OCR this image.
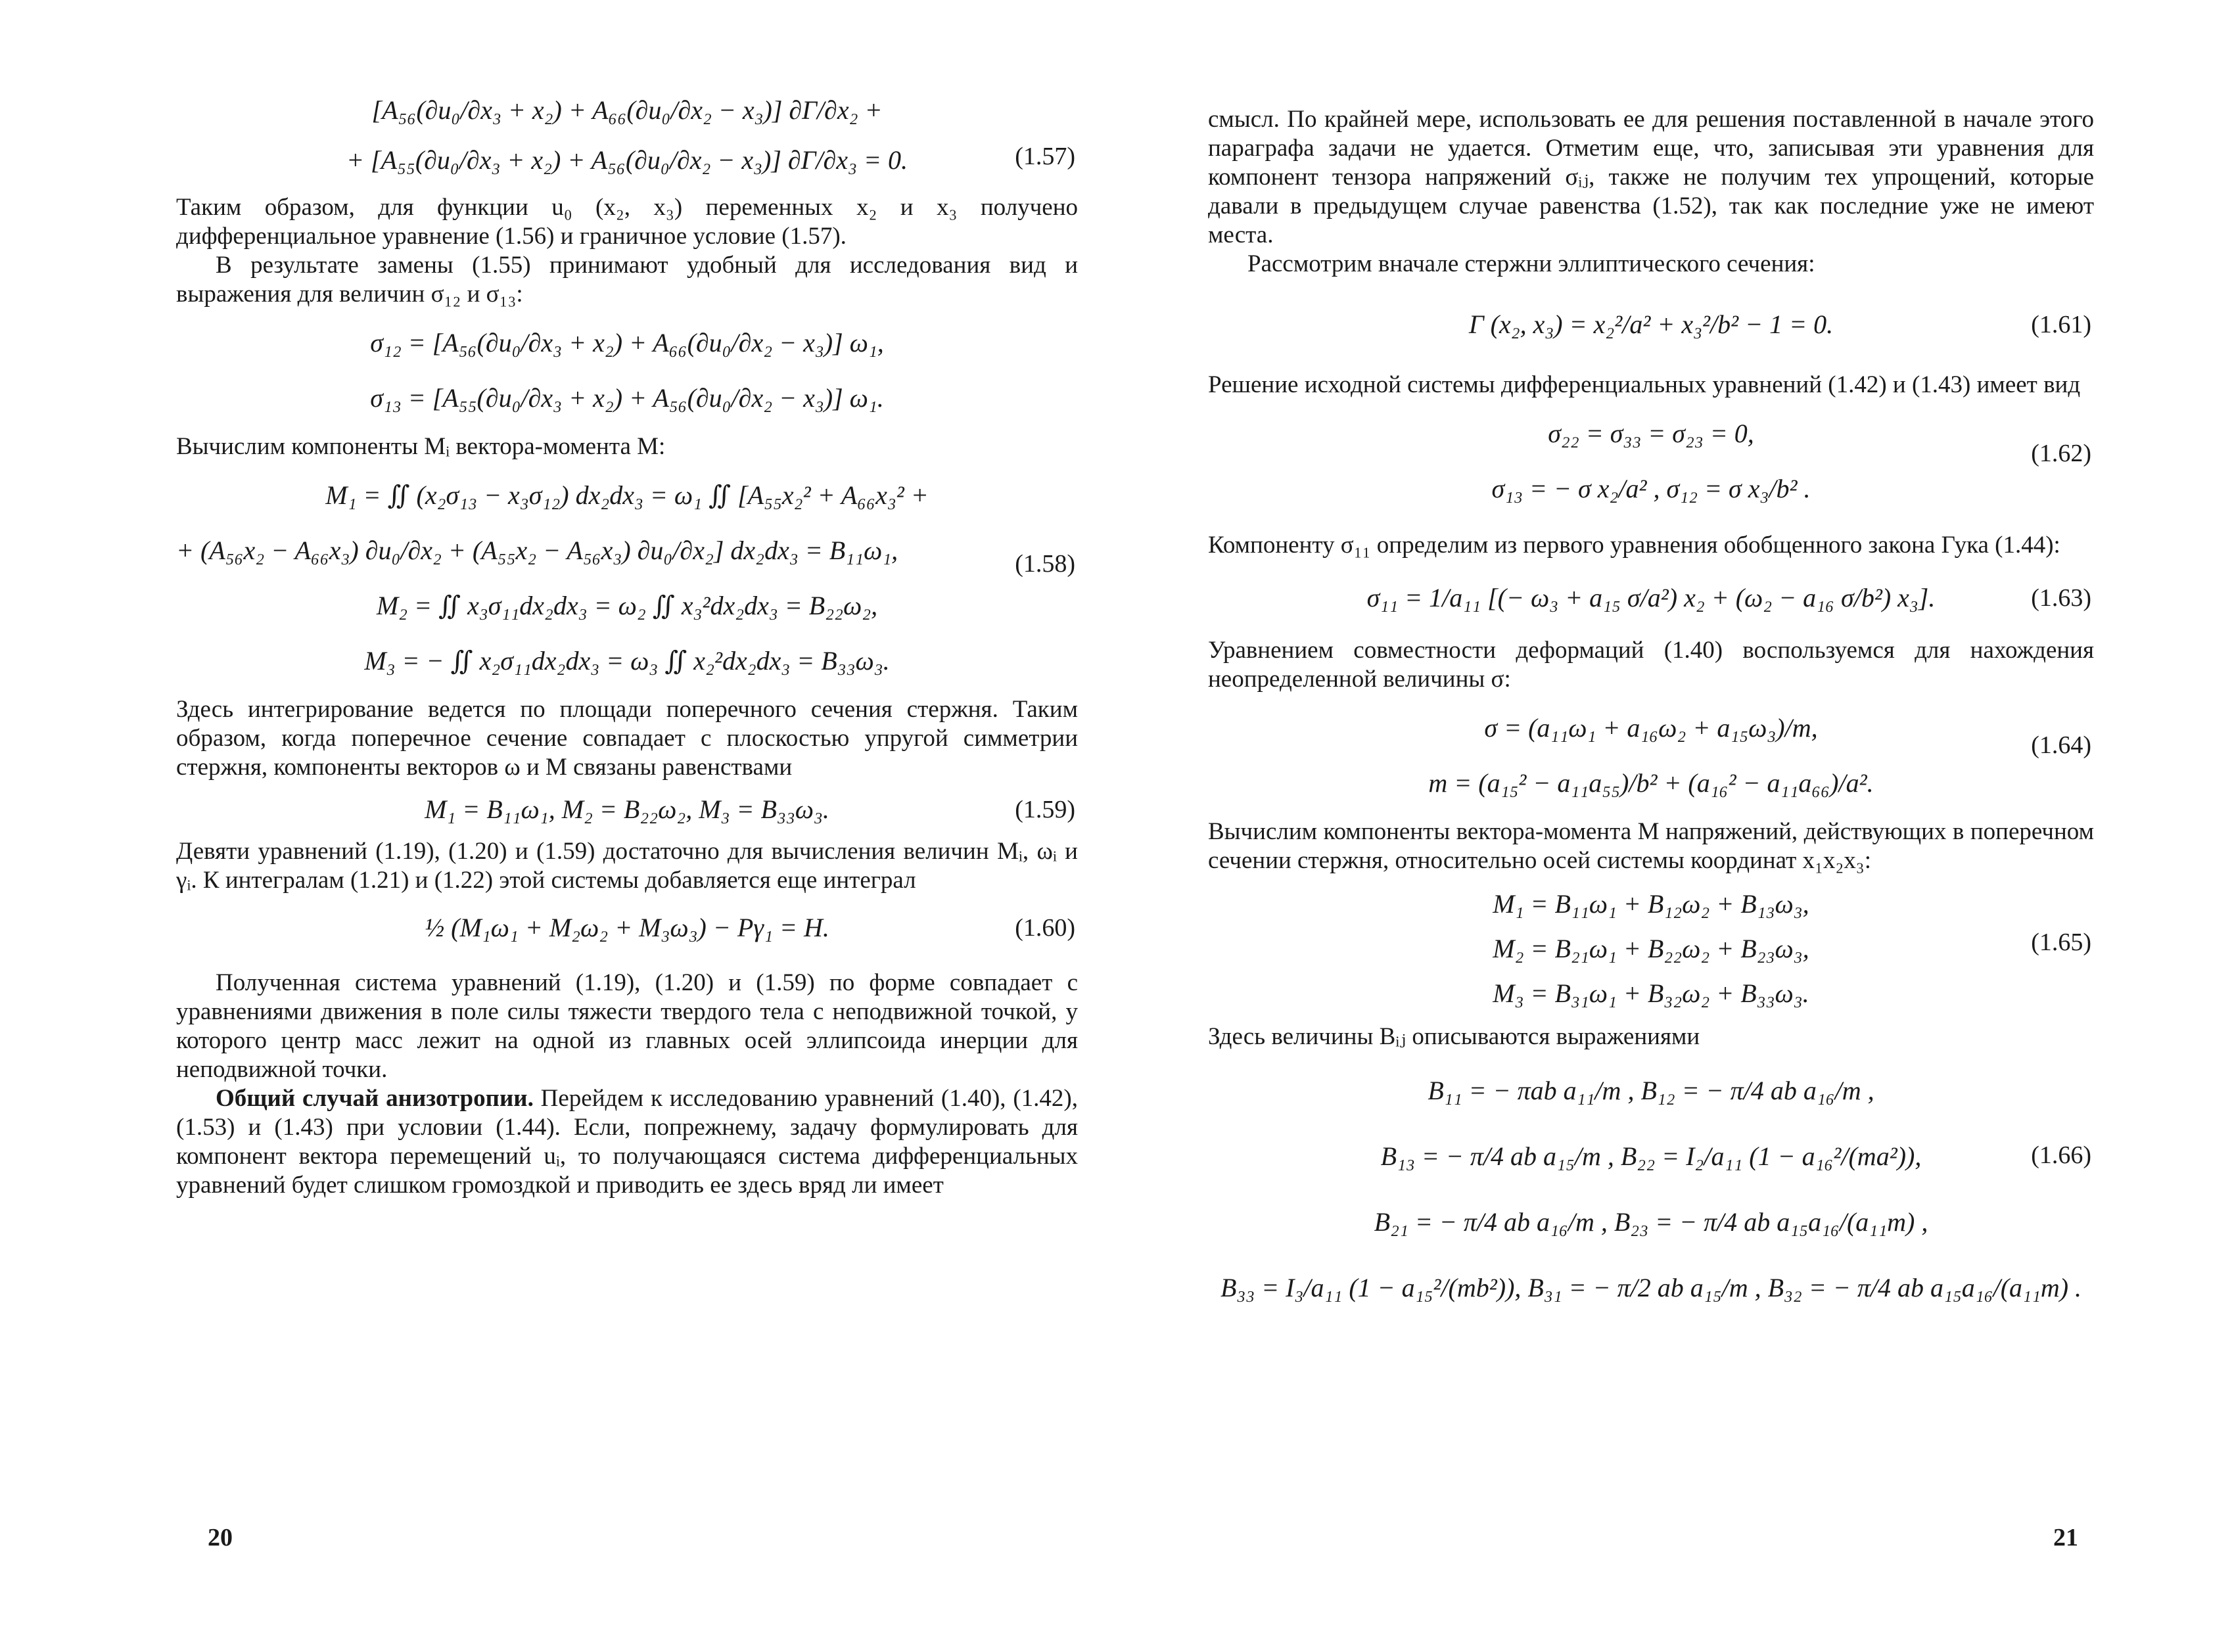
[A₅₆(∂u₀/∂x₃ + x₂) + A₆₆(∂u₀/∂x₂ − x₃)] ∂Γ/∂x₂ +
+ [A₅₅(∂u₀/∂x₃ + x₂) + A₅₆(∂u₀/∂x₂ − x₃)] ∂Γ/∂x₃ = 0.	(1.57)

Таким образом, для функции u₀ (x₂, x₃) переменных x₂ и x₃ получено дифференциальное уравнение (1.56) и граничное условие (1.57).

В результате замены (1.55) принимают удобный для исследования вид и выражения для величин σ₁₂ и σ₁₃:

σ₁₂ = [A₅₆(∂u₀/∂x₃ + x₂) + A₆₆(∂u₀/∂x₂ − x₃)] ω₁,
σ₁₃ = [A₅₅(∂u₀/∂x₃ + x₂) + A₅₆(∂u₀/∂x₂ − x₃)] ω₁.

Вычислим компоненты Mᵢ вектора-момента M:

M₁ = ∬ (x₂σ₁₃ − x₃σ₁₂) dx₂dx₃ = ω₁ ∬ [A₅₅x₂² + A₆₆x₃² +
+ (A₅₆x₂ − A₆₆x₃) ∂u₀/∂x₂ + (A₅₅x₂ − A₅₆x₃) ∂u₀/∂x₂] dx₂dx₃ = B₁₁ω₁,
M₂ = ∬ x₃σ₁₁dx₂dx₃ = ω₂ ∬ x₃²dx₂dx₃ = B₂₂ω₂,
M₃ = − ∬ x₂σ₁₁dx₂dx₃ = ω₃ ∬ x₂²dx₂dx₃ = B₃₃ω₃.
(1.58)

Здесь интегрирование ведется по площади поперечного сечения стержня. Таким образом, когда поперечное сечение совпадает с плоскостью упругой симметрии стержня, компоненты векторов ω и M связаны равенствами

M₁ = B₁₁ω₁, M₂ = B₂₂ω₂, M₃ = B₃₃ω₃.	(1.59)

Девяти уравнений (1.19), (1.20) и (1.59) достаточно для вычисления величин Mᵢ, ωᵢ и γᵢ. К интегралам (1.21) и (1.22) этой системы добавляется еще интеграл

½ (M₁ω₁ + M₂ω₂ + M₃ω₃) − Pγ₁ = H.	(1.60)

Полученная система уравнений (1.19), (1.20) и (1.59) по форме совпадает с уравнениями движения в поле силы тяжести твердого тела с неподвижной точкой, у которого центр масс лежит на одной из главных осей эллипсоида инерции для неподвижной точки.

Общий случай анизотропии. Перейдем к исследованию уравнений (1.40), (1.42), (1.53) и (1.43) при условии (1.44). Если, попрежнему, задачу формулировать для компонент вектора перемещений uᵢ, то получающаяся система дифференциальных уравнений будет слишком громоздкой и приводить ее здесь вряд ли имеет

20

смысл. По крайней мере, использовать ее для решения поставленной в начале этого параграфа задачи не удается. Отметим еще, что, записывая эти уравнения для компонент тензора напряжений σᵢⱼ, также не получим тех упрощений, которые давали в предыдущем случае равенства (1.52), так как последние уже не имеют места.

Рассмотрим вначале стержни эллиптического сечения:

Γ (x₂, x₃) = x₂²/a² + x₃²/b² − 1 = 0.	(1.61)

Решение исходной системы дифференциальных уравнений (1.42) и (1.43) имеет вид

σ₂₂ = σ₃₃ = σ₂₃ = 0,
σ₁₃ = − σ x₂/a² , σ₁₂ = σ x₃/b² .
(1.62)

Компоненту σ₁₁ определим из первого уравнения обобщенного закона Гука (1.44):

σ₁₁ = 1/a₁₁ [(− ω₃ + a₁₅ σ/a²) x₂ + (ω₂ − a₁₆ σ/b²) x₃].	(1.63)

Уравнением совместности деформаций (1.40) воспользуемся для нахождения неопределенной величины σ:

σ = (a₁₁ω₁ + a₁₆ω₂ + a₁₅ω₃)/m,
m = (a₁₅² − a₁₁a₅₅)/b² + (a₁₆² − a₁₁a₆₆)/a².
(1.64)

Вычислим компоненты вектора-момента M напряжений, действующих в поперечном сечении стержня, относительно осей системы координат x₁x₂x₃:

M₁ = B₁₁ω₁ + B₁₂ω₂ + B₁₃ω₃,
M₂ = B₂₁ω₁ + B₂₂ω₂ + B₂₃ω₃,
M₃ = B₃₁ω₁ + B₃₂ω₂ + B₃₃ω₃.
(1.65)

Здесь величины Bᵢⱼ описываются выражениями

B₁₁ = − πab a₁₁/m , B₁₂ = − π/4 ab a₁₆/m ,
B₁₃ = − π/4 ab a₁₅/m , B₂₂ = I₂/a₁₁ (1 − a₁₆²/(ma²)),
B₂₁ = − π/4 ab a₁₆/m , B₂₃ = − π/4 ab a₁₅a₁₆/(a₁₁m) ,
B₃₃ = I₃/a₁₁ (1 − a₁₅²/(mb²)), B₃₁ = − π/2 ab a₁₅/m , B₃₂ = − π/4 ab a₁₅a₁₆/(a₁₁m) .
(1.66)
21
